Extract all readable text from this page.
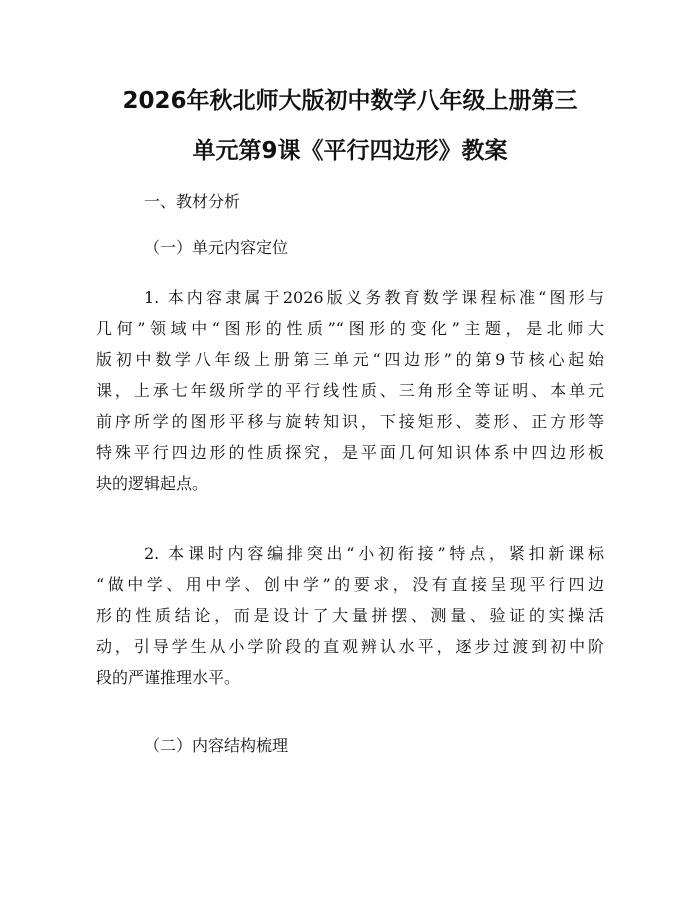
2026年秋北师大版初中数学八年级上册第三
单元第9课《平行四边形》教案
一、教材分析
（一）单元内容定位
1. 本内容隶属于2026版义务教育数学课程标准“图形与
几何”领域中“图形的性质”“图形的变化”主题，是北师大
版初中数学八年级上册第三单元“四边形”的第9节核心起始
课，上承七年级所学的平行线性质、三角形全等证明、本单元
前序所学的图形平移与旋转知识，下接矩形、菱形、正方形等
特殊平行四边形的性质探究，是平面几何知识体系中四边形板
块的逻辑起点。
2. 本课时内容编排突出“小初衔接”特点，紧扣新课标
“做中学、用中学、创中学”的要求，没有直接呈现平行四边
形的性质结论，而是设计了大量拼摆、测量、验证的实操活
动，引导学生从小学阶段的直观辨认水平，逐步过渡到初中阶
段的严谨推理水平。
（二）内容结构梳理
